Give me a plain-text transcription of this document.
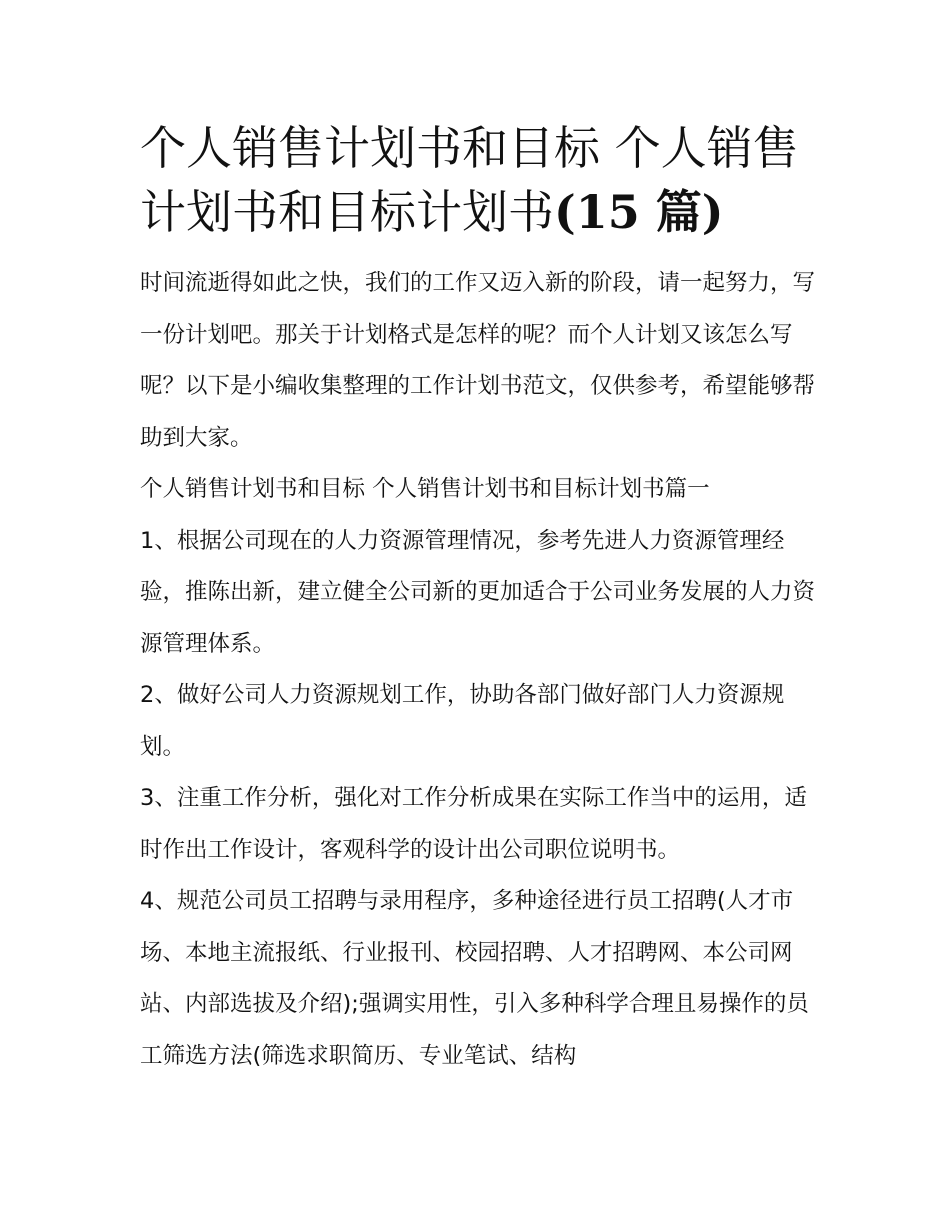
个人销售计划书和目标 个人销售计划书和目标计划书(15 篇)

时间流逝得如此之快，我们的工作又迈入新的阶段，请一起努力，写一份计划吧。那关于计划格式是怎样的呢？而个人计划又该怎么写呢？以下是小编收集整理的工作计划书范文，仅供参考，希望能够帮助到大家。

个人销售计划书和目标 个人销售计划书和目标计划书篇一

1、根据公司现在的人力资源管理情况，参考先进人力资源管理经验，推陈出新，建立健全公司新的更加适合于公司业务发展的人力资源管理体系。

2、做好公司人力资源规划工作，协助各部门做好部门人力资源规划。

3、注重工作分析，强化对工作分析成果在实际工作当中的运用，适时作出工作设计，客观科学的设计出公司职位说明书。

4、规范公司员工招聘与录用程序，多种途径进行员工招聘(人才市场、本地主流报纸、行业报刊、校园招聘、人才招聘网、本公司网站、内部选拔及介绍);强调实用性，引入多种科学合理且易操作的员工筛选方法(筛选求职简历、专业笔试、结构
